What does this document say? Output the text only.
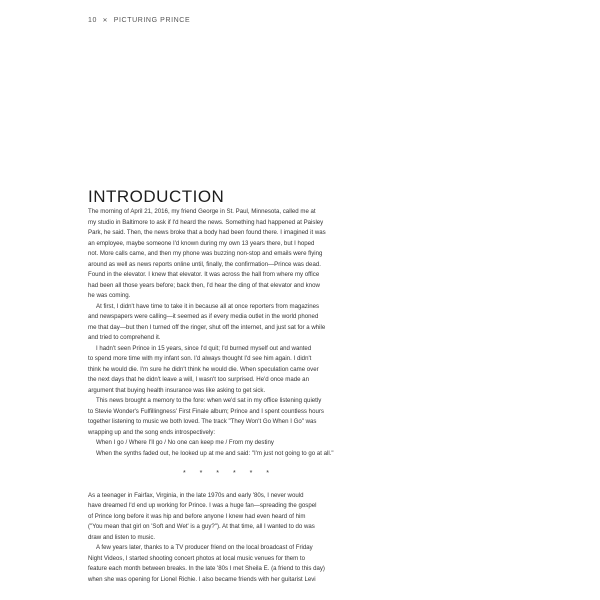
10 ✕ PICTURING PRINCE
INTRODUCTION

The morning of April 21, 2016, my friend George in St. Paul, Minnesota, called me at
my studio in Baltimore to ask if I'd heard the news. Something had happened at Paisley
Park, he said. Then, the news broke that a body had been found there. I imagined it was
an employee, maybe someone I'd known during my own 13 years there, but I hoped
not. More calls came, and then my phone was buzzing non-stop and emails were flying
around as well as news reports online until, finally, the confirmation—Prince was dead.
Found in the elevator. I knew that elevator. It was across the hall from where my office
had been all those years before; back then, I'd hear the ding of that elevator and know
he was coming.

At first, I didn't have time to take it in because all at once reporters from magazines
and newspapers were calling—it seemed as if every media outlet in the world phoned
me that day—but then I turned off the ringer, shut off the internet, and just sat for a while
and tried to comprehend it.

I hadn't seen Prince in 15 years, since I'd quit; I'd burned myself out and wanted
to spend more time with my infant son. I'd always thought I'd see him again. I didn't
think he would die. I'm sure he didn't think he would die. When speculation came over
the next days that he didn't leave a will, I wasn't too surprised. He'd once made an
argument that buying health insurance was like asking to get sick.

This news brought a memory to the fore: when we'd sat in my office listening quietly
to Stevie Wonder's Fulfillingness' First Finale album; Prince and I spent countless hours
together listening to music we both loved. The track "They Won't Go When I Go" was
wrapping up and the song ends introspectively:

When I go / Where I'll go / No one can keep me / From my destiny

When the synths faded out, he looked up at me and said: "I'm just not going to go at all."

* * * * * *

As a teenager in Fairfax, Virginia, in the late 1970s and early '80s, I never would
have dreamed I'd end up working for Prince. I was a huge fan—spreading the gospel
of Prince long before it was hip and before anyone I knew had even heard of him
("You mean that girl on 'Soft and Wet' is a guy?"). At that time, all I wanted to do was
draw and listen to music.

A few years later, thanks to a TV producer friend on the local broadcast of Friday
Night Videos, I started shooting concert photos at local music venues for them to
feature each month between breaks. In the late '80s I met Sheila E. (a friend to this day)
when she was opening for Lionel Richie. I also became friends with her guitarist Levi
